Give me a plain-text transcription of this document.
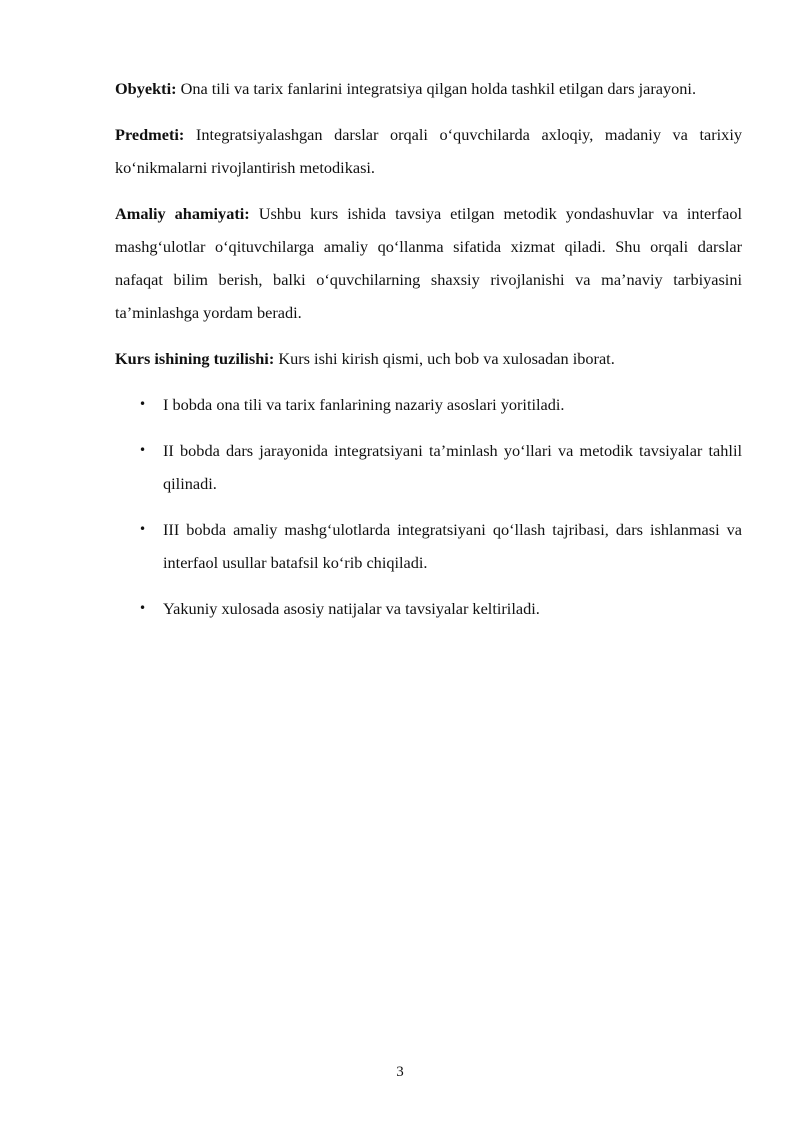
Obyekti: Ona tili va tarix fanlarini integratsiya qilgan holda tashkil etilgan dars jarayoni.

Predmeti: Integratsiyalashgan darslar orqali o‘quvchilarda axloqiy, madaniy va tarixiy ko‘nikmalarni rivojlantirish metodikasi.

Amaliy ahamiyati: Ushbu kurs ishida tavsiya etilgan metodik yondashuvlar va interfaol mashg‘ulotlar o‘qituvchilarga amaliy qo‘llanma sifatida xizmat qiladi. Shu orqali darslar nafaqat bilim berish, balki o‘quvchilarning shaxsiy rivojlanishi va ma’naviy tarbiyasini ta’minlashga yordam beradi.

Kurs ishining tuzilishi: Kurs ishi kirish qismi, uch bob va xulosadan iborat.

• I bobda ona tili va tarix fanlarining nazariy asoslari yoritiladi.
• II bobda dars jarayonida integratsiyani ta’minlash yo‘llari va metodik tavsiyalar tahlil qilinadi.
• III bobda amaliy mashg‘ulotlarda integratsiyani qo‘llash tajribasi, dars ishlanmasi va interfaol usullar batafsil ko‘rib chiqiladi.
• Yakuniy xulosada asosiy natijalar va tavsiyalar keltiriladi.
3
